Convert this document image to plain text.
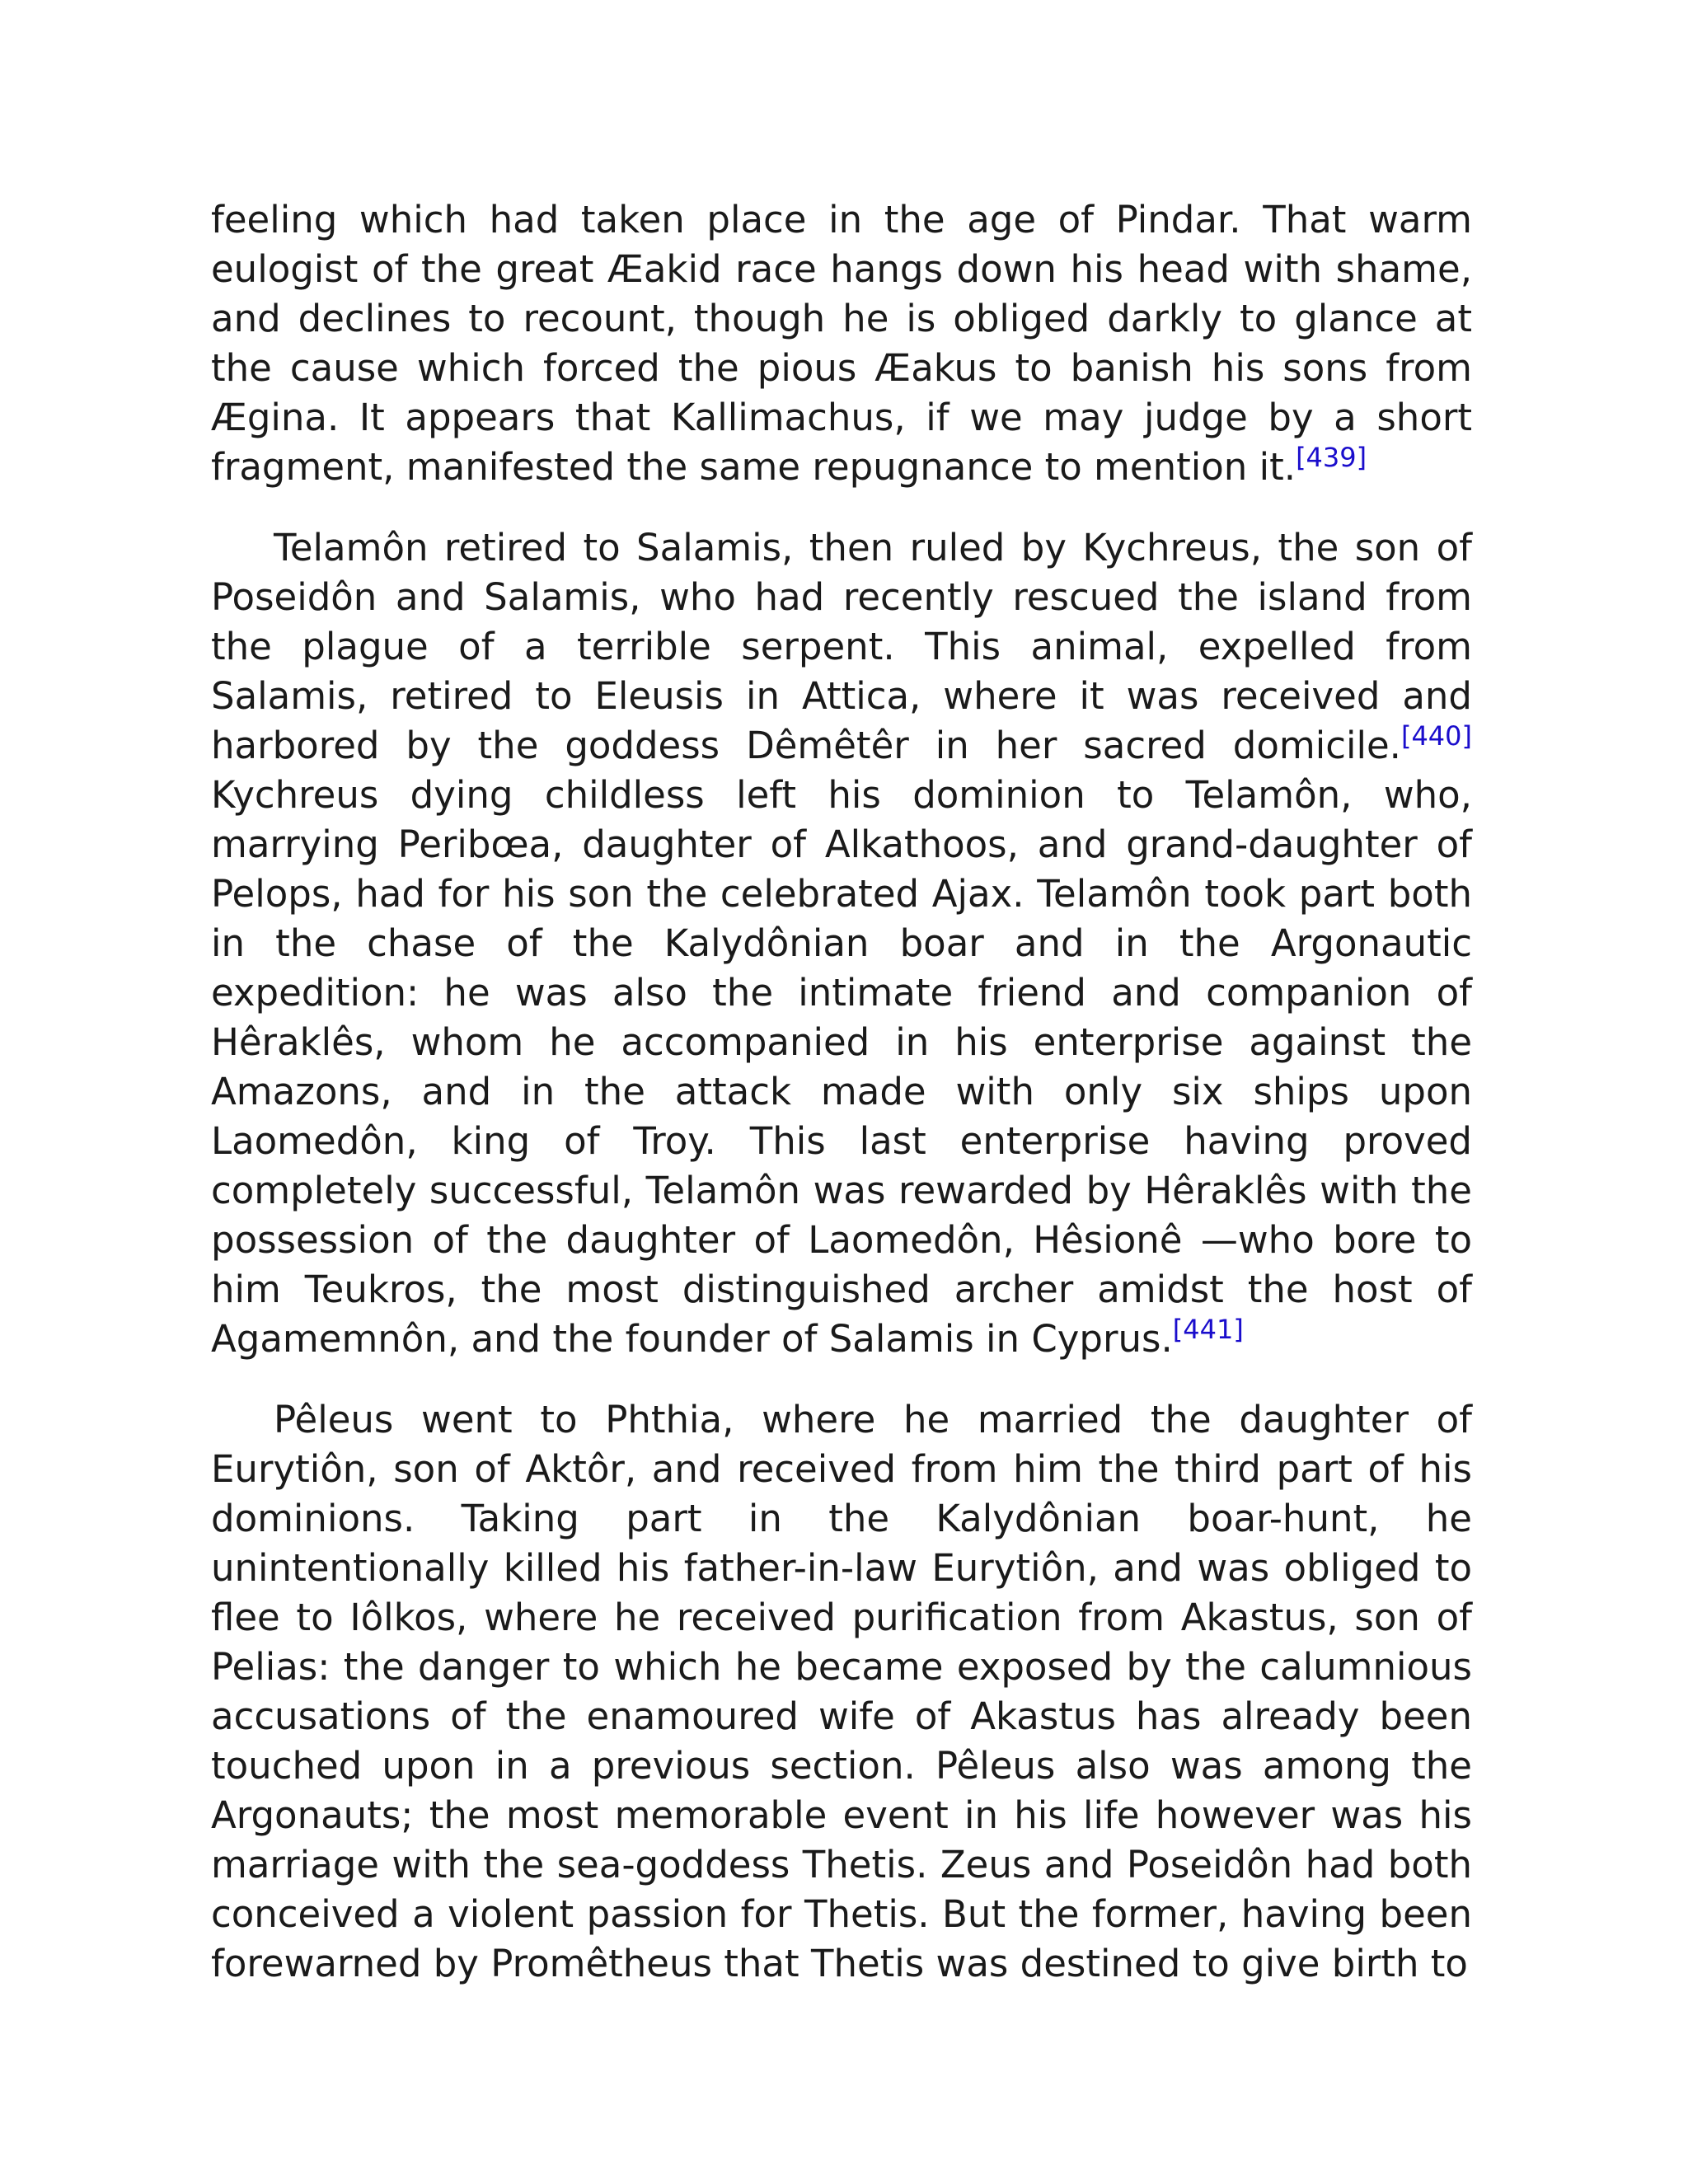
feeling which had taken place in the age of Pindar. That warm eulogist of the great Æakid race hangs down his head with shame, and declines to recount, though he is obliged darkly to glance at the cause which forced the pious Æakus to banish his sons from Ægina. It appears that Kallimachus, if we may judge by a short fragment, manifested the same repugnance to mention it.[439]

Telamôn retired to Salamis, then ruled by Kychreus, the son of Poseidôn and Salamis, who had recently rescued the island from the plague of a terrible serpent. This animal, expelled from Salamis, retired to Eleusis in Attica, where it was received and harbored by the goddess Dêmêtêr in her sacred domicile.[440] Kychreus dying childless left his dominion to Telamôn, who, marrying Peribœa, daughter of Alkathoos, and grand-daughter of Pelops, had for his son the celebrated Ajax. Telamôn took part both in the chase of the Kalydônian boar and in the Argonautic expedition: he was also the intimate friend and companion of Hêraklês, whom he accompanied in his enterprise against the Amazons, and in the attack made with only six ships upon Laomedôn, king of Troy. This last enterprise having proved completely successful, Telamôn was rewarded by Hêraklês with the possession of the daughter of Laomedôn, Hêsionê —who bore to him Teukros, the most distinguished archer amidst the host of Agamemnôn, and the founder of Salamis in Cyprus.[441]

Pêleus went to Phthia, where he married the daughter of Eurytiôn, son of Aktôr, and received from him the third part of his dominions. Taking part in the Kalydônian boar-hunt, he unintentionally killed his father-in-law Eurytiôn, and was obliged to flee to Iôlkos, where he received purification from Akastus, son of Pelias: the danger to which he became exposed by the calumnious accusations of the enamoured wife of Akastus has already been touched upon in a previous section. Pêleus also was among the Argonauts; the most memorable event in his life however was his marriage with the sea-goddess Thetis. Zeus and Poseidôn had both conceived a violent passion for Thetis. But the former, having been forewarned by Promêtheus that Thetis was destined to give birth to
